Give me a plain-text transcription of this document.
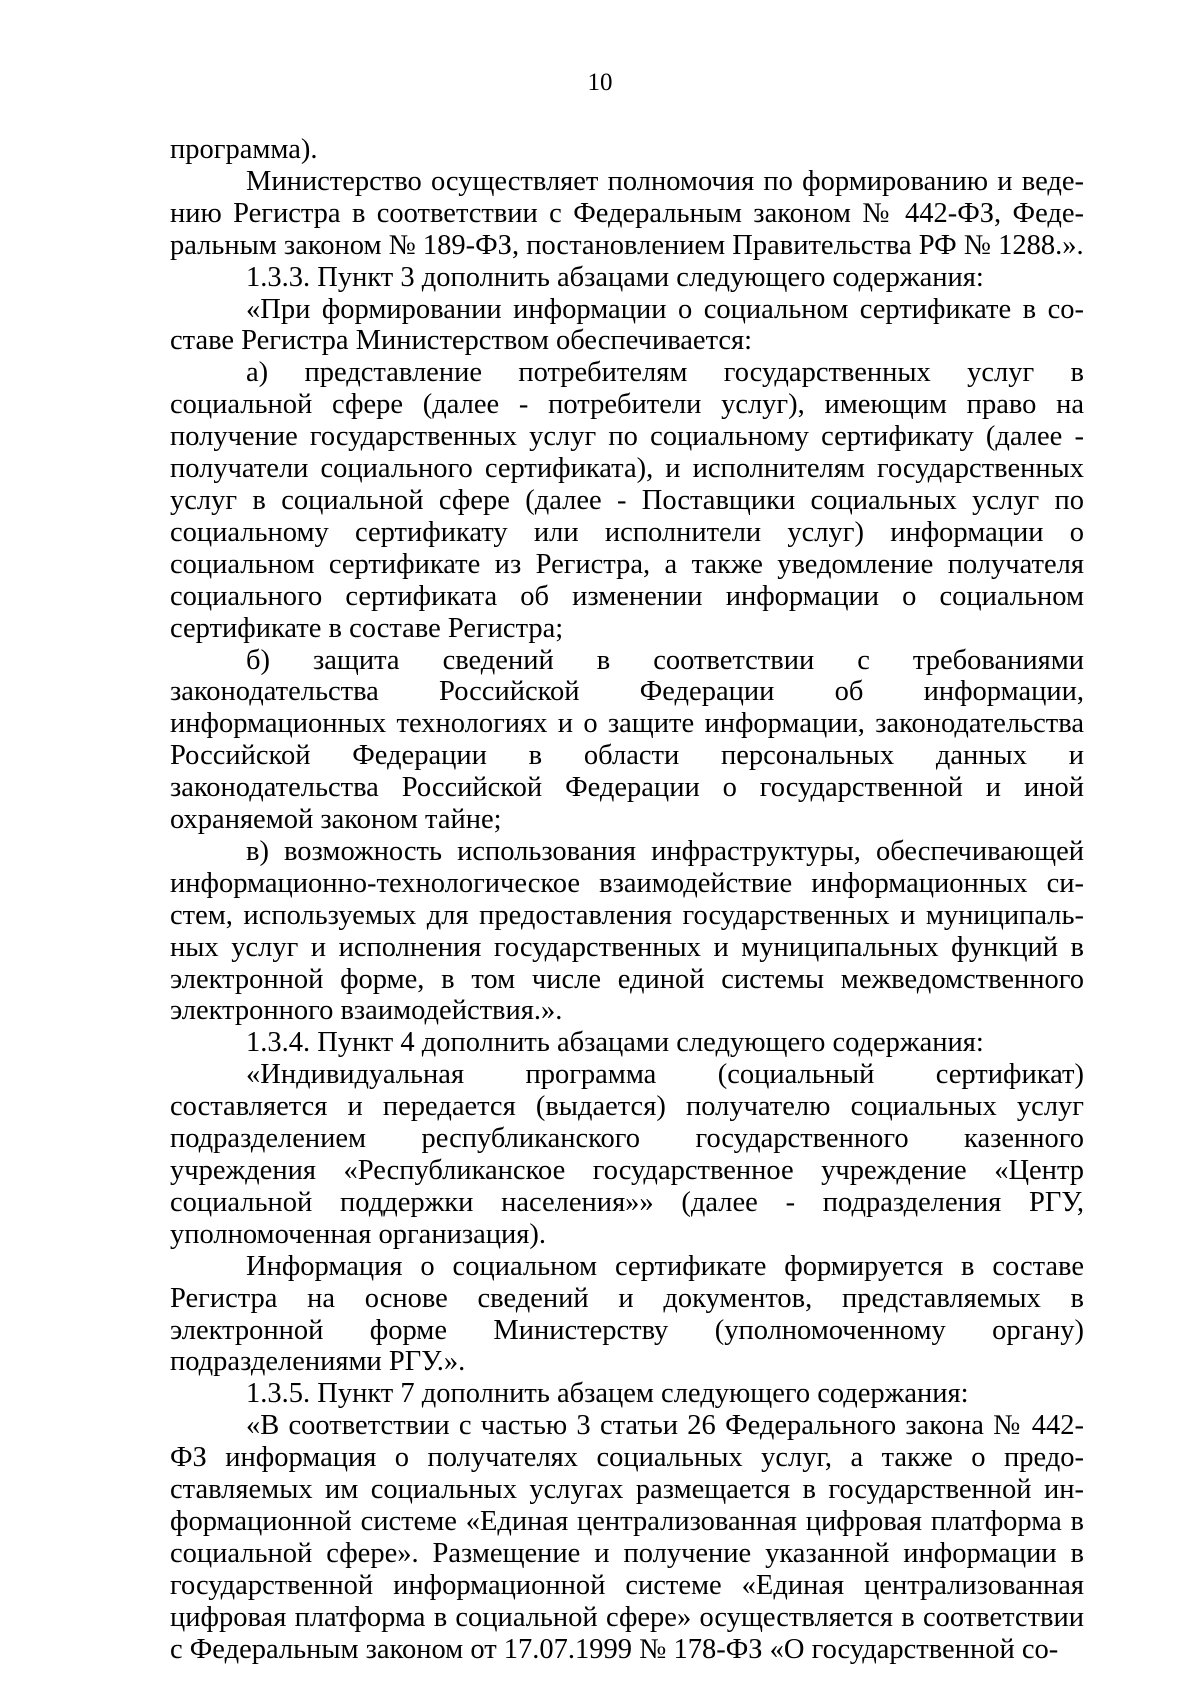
10

программа).

Министерство осуществляет полномочия по формированию и ведению Регистра в соответствии с Федеральным законом № 442-ФЗ, Федеральным законом № 189-ФЗ, постановлением Правительства РФ № 1288.».

1.3.3. Пункт 3 дополнить абзацами следующего содержания:

«При формировании информации о социальном сертификате в составе Регистра Министерством обеспечивается:

а) представление потребителям государственных услуг в социальной сфере (далее - потребители услуг), имеющим право на получение государственных услуг по социальному сертификату (далее - получатели социального сертификата), и исполнителям государственных услуг в социальной сфере (далее - Поставщики социальных услуг по социальному сертификату или исполнители услуг) информации о социальном сертификате из Регистра, а также уведомление получателя социального сертификата об изменении информации о социальном сертификате в составе Регистра;

б) защита сведений в соответствии с требованиями законодательства Российской Федерации об информации, информационных технологиях и о защите информации, законодательства Российской Федерации в области персональных данных и законодательства Российской Федерации о государственной и иной охраняемой законом тайне;

в) возможность использования инфраструктуры, обеспечивающей информационно-технологическое взаимодействие информационных систем, используемых для предоставления государственных и муниципальных услуг и исполнения государственных и муниципальных функций в электронной форме, в том числе единой системы межведомственного электронного взаимодействия.».

1.3.4. Пункт 4 дополнить абзацами следующего содержания:

«Индивидуальная программа (социальный сертификат) составляется и передается (выдается) получателю социальных услуг подразделением республиканского государственного казенного учреждения «Республиканское государственное учреждение «Центр социальной поддержки населения»» (далее - подразделения РГУ, уполномоченная организация).

Информация о социальном сертификате формируется в составе Регистра на основе сведений и документов, представляемых в электронной форме Министерству (уполномоченному органу) подразделениями РГУ.».

1.3.5. Пункт 7 дополнить абзацем следующего содержания:

«В соответствии с частью 3 статьи 26 Федерального закона № 442-ФЗ информация о получателях социальных услуг, а также о предоставляемых им социальных услугах размещается в государственной информационной системе «Единая централизованная цифровая платформа в социальной сфере». Размещение и получение указанной информации в государственной информационной системе «Единая централизованная цифровая платформа в социальной сфере» осуществляется в соответствии с Федеральным законом от 17.07.1999 № 178-ФЗ «О государственной со-
